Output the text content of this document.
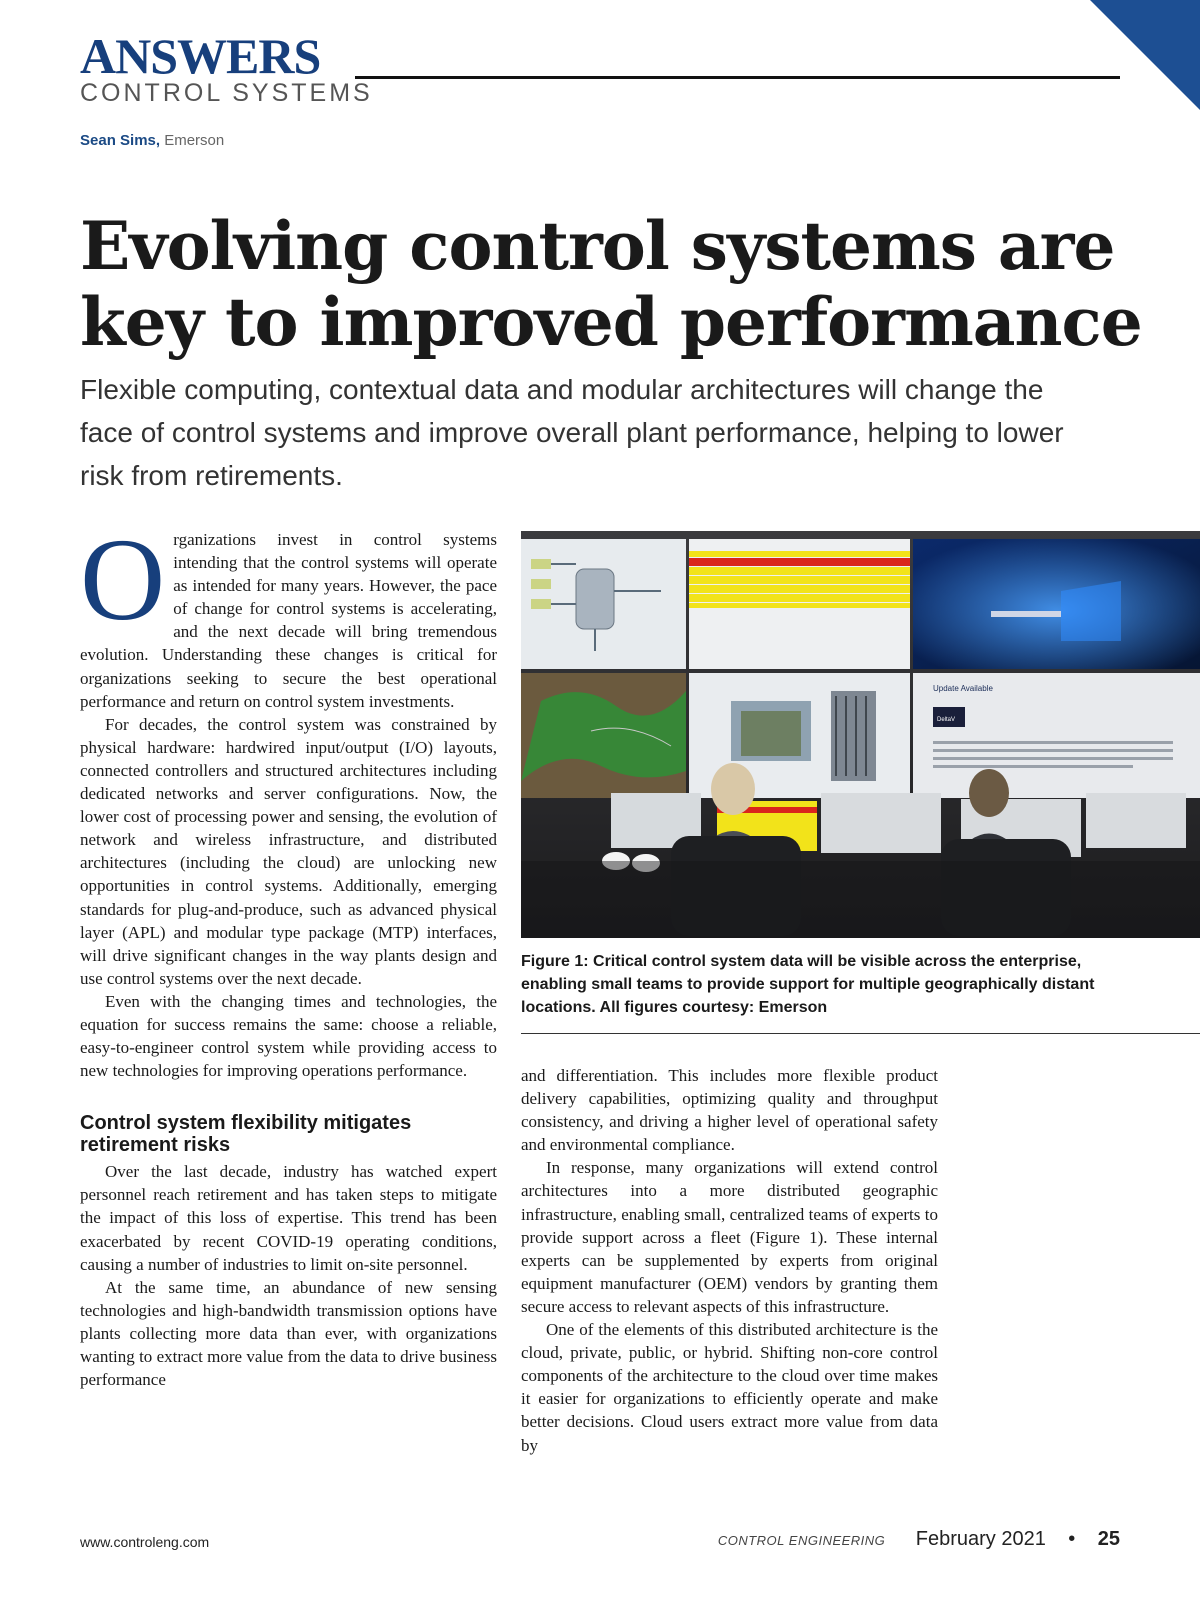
ANSWERS
CONTROL SYSTEMS
Sean Sims, Emerson
Evolving control systems are key to improved performance
Flexible computing, contextual data and modular architectures will change the face of control systems and improve overall plant performance, helping to lower risk from retirements.
O rganizations invest in control systems intending that the control systems will operate as intended for many years. However, the pace of change for control systems is accelerating, and the next decade will bring tremendous evolution. Understanding these changes is critical for organizations seeking to secure the best operational performance and return on control system investments.

For decades, the control system was constrained by physical hardware: hardwired input/output (I/O) layouts, connected controllers and structured architectures including dedicated networks and server configurations. Now, the lower cost of processing power and sensing, the evolution of network and wireless infrastructure, and distributed architectures (including the cloud) are unlocking new opportunities in control systems. Additionally, emerging standards for plug-and-produce, such as advanced physical layer (APL) and modular type package (MTP) interfaces, will drive significant changes in the way plants design and use control systems over the next decade.

Even with the changing times and technologies, the equation for success remains the same: choose a reliable, easy-to-engineer control system while providing access to new technologies for improving operations performance.

Control system flexibility mitigates retirement risks

Over the last decade, industry has watched expert personnel reach retirement and has taken steps to mitigate the impact of this loss of expertise. This trend has been exacerbated by recent COVID-19 operating conditions, causing a number of industries to limit on-site personnel.

At the same time, an abundance of new sensing technologies and high-bandwidth transmission options have plants collecting more data than ever, with organizations wanting to extract more value from the data to drive business performance

Update Available
DeltaV
Figure 1: Critical control system data will be visible across the enterprise, enabling small teams to provide support for multiple geographically distant locations. All figures courtesy: Emerson

and differentiation. This includes more flexible product delivery capabilities, optimizing quality and throughput consistency, and driving a higher level of operational safety and environmental compliance.

In response, many organizations will extend control architectures into a more distributed geographic infrastructure, enabling small, centralized teams of experts to provide support across a fleet (Figure 1). These internal experts can be supplemented by experts from original equipment manufacturer (OEM) vendors by granting them secure access to relevant aspects of this infrastructure.

One of the elements of this distributed architecture is the cloud, private, public, or hybrid. Shifting non-core control components of the architecture to the cloud over time makes it easier for organizations to efficiently operate and make better decisions. Cloud users extract more value from data by

www.controleng.com	CONTROL ENGINEERING February 2021 • 25
